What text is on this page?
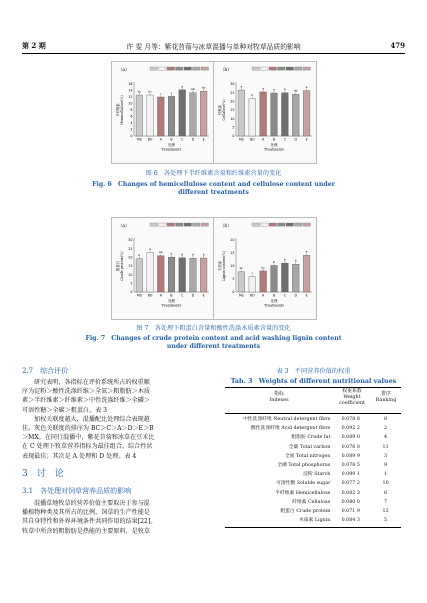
第 2 期	许 雯 月等：紫花苜蓿与冰草混播与单种对牧草品质的影响	479
（a）
0
2
4
6
8
10
12
14
16
bc
MS
bc
BO
c
A
c
B
a
C
ab
D
ab
E
处理
Treatments
半纤维素 Hemicellulose(%)
（b）
0
5
10
15
20
25
30
a
MS
b
BO
a
A
a
B
a
C
ab
D
a
E
处理
Treatments
纤维素 Cellulose(%)
图 6　各处理下半纤维素含量和纤维素含量的变化
Fig. 6　Changes of hemicellulose content and cellulose content under
different treatments
（a）
0
5
10
15
20
25
30
b
MS
a
BO
ab
A
b
B
b
C
b
D
b
E
处理
Treatments
粗蛋白 Crude protein(%)
（b）
0
5
10
15
20
bc
MS
c
BO
bc
A
b
B
b
C
b
D
a
E
处理
Treatments
木质素 Lignin content(%)
图 7　各处理下粗蛋白含量和酸性洗涤木质素含量的变化
Fig. 7　Changes of crude protein content and acid washing lignin content
under different treatments
2.7　综合评价
研究表明，各指标在评价系统所占的权重顺
序为淀粉＞酸性洗涤纤维＞全氮＞粗脂肪＞木质
素＞半纤维素＞纤维素＞中性洗涤纤维＞全磷＞
可溶性糖＞全碳＞粗蛋白。表 3
加权关联度越大，混播配比处理综合表现越
佳。灰色关联度的排序为 BC＞C＞A＞D＞E＞B
＞MX。在同行混播中，紫花苜蓿和冰草在豆禾比
在 C 处理下牧草营养指标为最佳组合，综合性状
表现最佳；其次是 A 处理和 D 处理。表 4
3　讨　论
3.1　各处理对饲草营养品质的影响
混播草地牧草的营养价值主要取决于参与混
播植物种类及其所占的比例，饲草的生产性能是
其自身特性和外界环境条件共同作用的结果[22]。
牧草中所含的粗脂肪是热能的主要原料，是牧草
表 3　不同营养价值的权重
Tab. 3　Weights of different nutritional values
指标
Indexes
权重系数
Weight
coefficient
排序
Ranking
中性洗涤纤维 Neutral detergent fibre	0.078 8	8
酸性洗涤纤维 Acid detergent fibre	0.092 2	2
粗脂肪 Crude fat	0.089 0	4
全碳 Total carbon	0.076 8	11
全氮 Total nitrogen	0.089 9	3
全磷 Total phosphorus	0.078 5	9
淀粉 Starch	0.099 1	1
可溶性糖 Soluble sugar	0.077 2	10
半纤维素 Hemicellulose	0.082 3	6
纤维素 Cellulose	0.080 0	7
粗蛋白 Crude protein	0.071 9	12
木质素 Lignin	0.084 3	5
